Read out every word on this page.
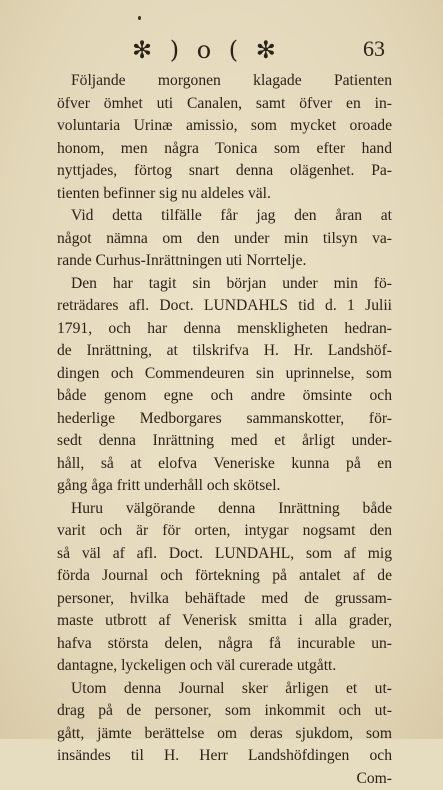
✻ ) o ( ✻	63
Följande morgonen klagade Patienten
öfver ömhet uti Canalen, samt öfver en in-
voluntaria Urinæ amissio, som mycket oroade
honom, men några Tonica som efter hand
nyttjades, förtog snart denna olägenhet. Pa-
tienten befinner sig nu aldeles väl.
Vid detta tilfälle får jag den åran at
något nämna om den under min tilsyn va-
rande Curhus-Inrättningen uti Norrtelje.
Den har tagit sin början under min fö-
reträdares afl. Doct. LUNDAHLS tid d. 1 Julii
1791, och har denna menskligheten hedran-
de Inrättning, at tilskrifva H. Hr. Landshöf-
dingen och Commendeuren sin uprinnelse, som
både genom egne och andre ömsinte och
hederlige Medborgares sammanskotter, för-
sedt denna Inrättning med et årligt under-
håll, så at elofva Veneriske kunna på en
gång åga fritt underhåll och skötsel.
Huru välgörande denna Inrättning både
varit och är för orten, intygar nogsamt den
så väl af afl. Doct. LUNDAHL, som af mig
förda Journal och förtekning på antalet af de
personer, hvilka behäftade med de grussam-
maste utbrott af Venerisk smitta i alla grader,
hafva största delen, några få incurable un-
dantagne, lyckeligen och väl curerade utgått.
Utom denna Journal sker årligen et ut-
drag på de personer, som inkommit och ut-
gått, jämte berättelse om deras sjukdom, som
insändes til H. Herr Landshöfdingen och
Com-
